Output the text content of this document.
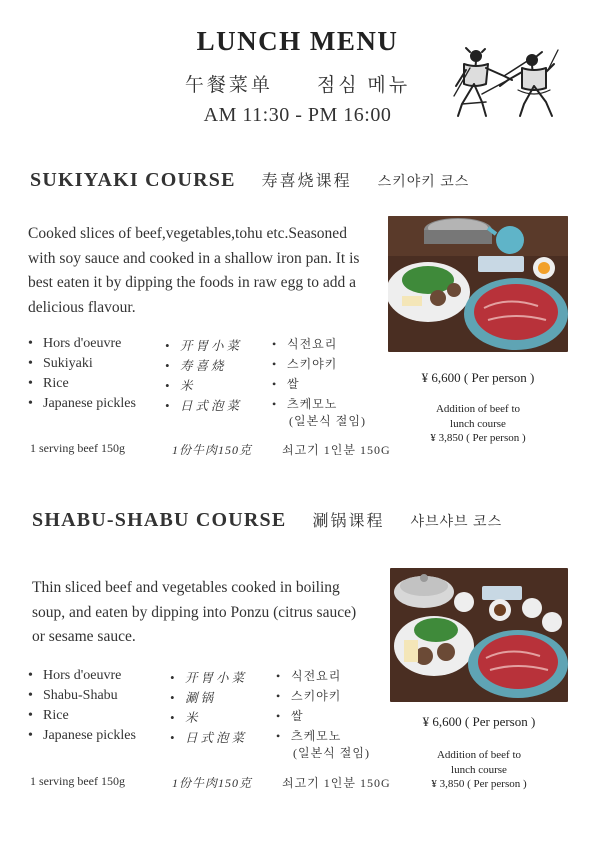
LUNCH MENU
午餐菜单　　점심 메뉴
AM 11:30 - PM 16:00
SUKIYAKI COURSE 寿喜烧课程 스키야키 코스
Cooked slices of beef,vegetables,tohu etc.Seasoned with soy sauce and cooked in a shallow iron pan. It is best eaten it by dipping the foods in raw egg to add a delicious flavour.
• Hors d'oeuvre
• Sukiyaki
• Rice
• Japanese pickles
• 开胃小菜
• 寿喜烧
• 米
• 日式泡菜
• 식전요리
• 스키야키
• 쌀
• 츠케모노
(일본식 절임)
1 serving beef 150g	1份牛肉150克 쇠고기 1인분 150G
¥ 6,600 ( Per person )
Addition of beef to
lunch course
¥ 3,850 ( Per person )
SHABU-SHABU COURSE 涮锅课程 샤브샤브 코스
Thin sliced beef and vegetables cooked in boiling soup, and eaten by dipping into Ponzu (citrus sauce) or sesame sauce.
• Hors d'oeuvre
• Shabu-Shabu
• Rice
• Japanese pickles
• 开胃小菜
• 涮锅
• 米
• 日式泡菜
• 식전요리
• 스키야키
• 쌀
• 츠케모노
(일본식 절임)
1 serving beef 150g	1份牛肉150克 쇠고기 1인분 150G
¥ 6,600 ( Per person )
Addition of beef to
lunch course
¥ 3,850 ( Per person )
